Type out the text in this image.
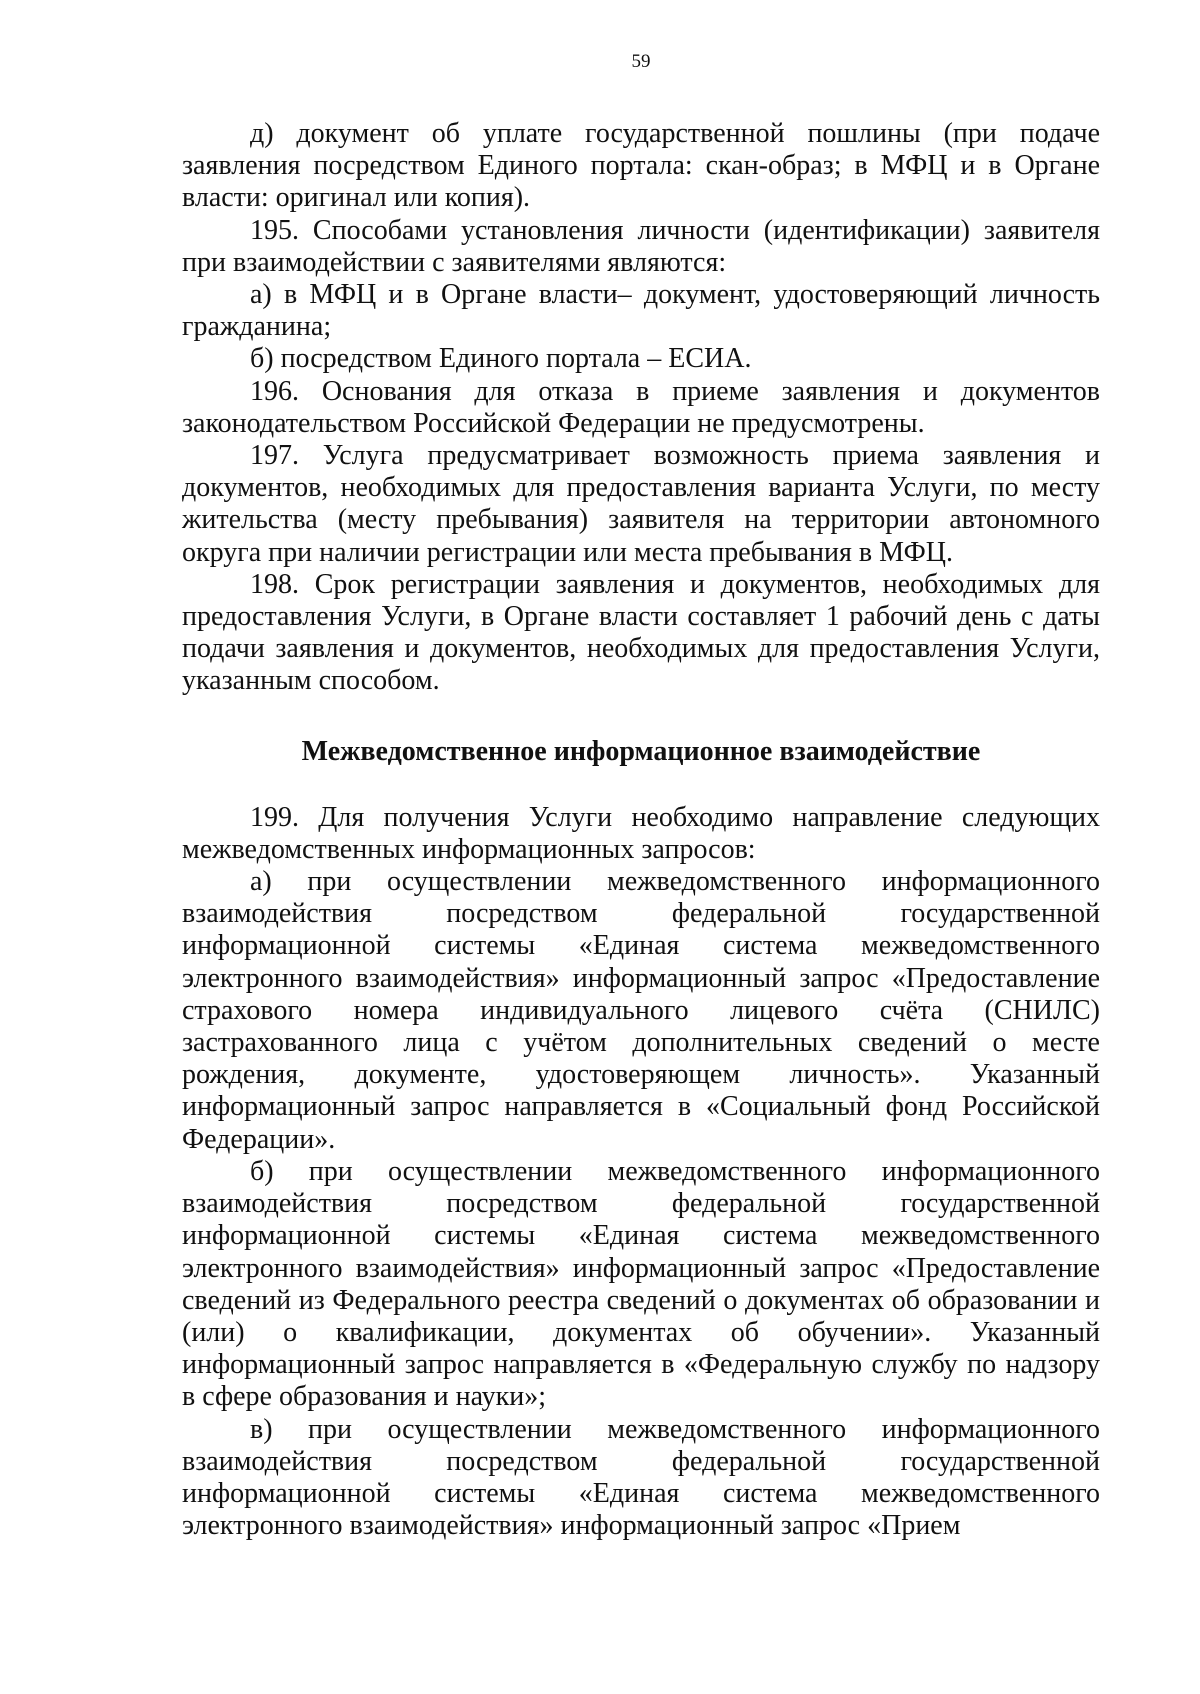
59

д) документ об уплате государственной пошлины (при подаче заявления посредством Единого портала: скан-образ; в МФЦ и в Органе власти: оригинал или копия).

195. Способами установления личности (идентификации) заявителя при взаимодействии с заявителями являются:

а) в МФЦ и в Органе власти– документ, удостоверяющий личность гражданина;

б) посредством Единого портала – ЕСИА.

196. Основания для отказа в приеме заявления и документов законодательством Российской Федерации не предусмотрены.

197. Услуга предусматривает возможность приема заявления и документов, необходимых для предоставления варианта Услуги, по месту жительства (месту пребывания) заявителя на территории автономного округа при наличии регистрации или места пребывания в МФЦ.

198. Срок регистрации заявления и документов, необходимых для предоставления Услуги, в Органе власти составляет 1 рабочий день с даты подачи заявления и документов, необходимых для предоставления Услуги, указанным способом.

Межведомственное информационное взаимодействие

199. Для получения Услуги необходимо направление следующих межведомственных информационных запросов:

а) при осуществлении межведомственного информационного взаимодействия посредством федеральной государственной информационной системы «Единая система межведомственного электронного взаимодействия» информационный запрос «Предоставление страхового номера индивидуального лицевого счёта (СНИЛС) застрахованного лица с учётом дополнительных сведений о месте рождения, документе, удостоверяющем личность». Указанный информационный запрос направляется в «Социальный фонд Российской Федерации».

б) при осуществлении межведомственного информационного взаимодействия посредством федеральной государственной информационной системы «Единая система межведомственного электронного взаимодействия» информационный запрос «Предоставление сведений из Федерального реестра сведений о документах об образовании и (или) о квалификации, документах об обучении». Указанный информационный запрос направляется в «Федеральную службу по надзору в сфере образования и науки»;

в) при осуществлении межведомственного информационного взаимодействия посредством федеральной государственной информационной системы «Единая система межведомственного электронного взаимодействия» информационный запрос «Прием
